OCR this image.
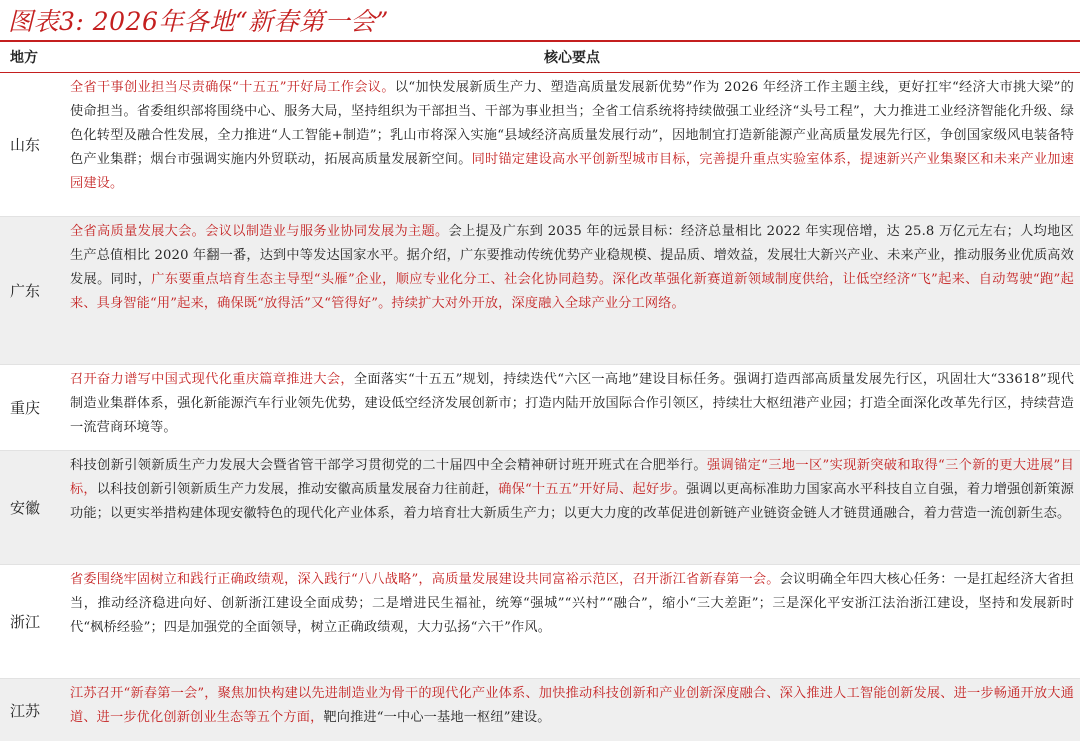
图表3: 2026年各地“新春第一会”
地方	核心要点
山东
全省干事创业担当尽责确保“十五五”开好局工作会议。以“加快发展新质生产力、塑造高质量发展新优势”作为 2026 年经济工作主题主线，更好扛牢“经济大市挑大梁”的使命担当。省委组织部将围绕中心、服务大局，坚持组织为干部担当、干部为事业担当；全省工信系统将持续做强工业经济“头号工程”，大力推进工业经济智能化升级、绿色化转型及融合性发展，全力推进“人工智能+制造”；乳山市将深入实施“县域经济高质量发展行动”，因地制宜打造新能源产业高质量发展先行区，争创国家级风电装备特色产业集群；烟台市强调实施内外贸联动，拓展高质量发展新空间。同时锚定建设高水平创新型城市目标，完善提升重点实验室体系，提速新兴产业集聚区和未来产业加速园建设。
广东
全省高质量发展大会。会议以制造业与服务业协同发展为主题。会上提及广东到 2035 年的远景目标：经济总量相比 2022 年实现倍增，达 25.8 万亿元左右；人均地区生产总值相比 2020 年翻一番，达到中等发达国家水平。据介绍，广东要推动传统优势产业稳规模、提品质、增效益，发展壮大新兴产业、未来产业，推动服务业优质高效发展。同时，广东要重点培育生态主导型“头雁”企业，顺应专业化分工、社会化协同趋势。深化改革强化新赛道新领域制度供给，让低空经济“飞”起来、自动驾驶“跑”起来、具身智能“用”起来，确保既“放得活”又“管得好”。持续扩大对外开放，深度融入全球产业分工网络。
重庆
召开奋力谱写中国式现代化重庆篇章推进大会，全面落实“十五五”规划，持续迭代“六区一高地”建设目标任务。强调打造西部高质量发展先行区，巩固壮大“33618”现代制造业集群体系，强化新能源汽车行业领先优势，建设低空经济发展创新市；打造内陆开放国际合作引领区，持续壮大枢纽港产业园；打造全面深化改革先行区，持续营造一流营商环境等。
安徽
科技创新引领新质生产力发展大会暨省管干部学习贯彻党的二十届四中全会精神研讨班开班式在合肥举行。强调锚定“三地一区”实现新突破和取得“三个新的更大进展”目标，以科技创新引领新质生产力发展，推动安徽高质量发展奋力往前赶，确保“十五五”开好局、起好步。强调以更高标准助力国家高水平科技自立自强，着力增强创新策源功能；以更实举措构建体现安徽特色的现代化产业体系，着力培育壮大新质生产力；以更大力度的改革促进创新链产业链资金链人才链贯通融合，着力营造一流创新生态。
浙江
省委围绕牢固树立和践行正确政绩观，深入践行“八八战略”，高质量发展建设共同富裕示范区，召开浙江省新春第一会。会议明确全年四大核心任务：一是扛起经济大省担当，推动经济稳进向好、创新浙江建设全面成势；二是增进民生福祉，统筹“强城”“兴村”“融合”，缩小“三大差距”；三是深化平安浙江法治浙江建设，坚持和发展新时代“枫桥经验”；四是加强党的全面领导，树立正确政绩观，大力弘扬“六干”作风。
江苏
江苏召开“新春第一会”，聚焦加快构建以先进制造业为骨干的现代化产业体系、加快推动科技创新和产业创新深度融合、深入推进人工智能创新发展、进一步畅通开放大通道、进一步优化创新创业生态等五个方面，靶向推进“一中心一基地一枢纽”建设。
